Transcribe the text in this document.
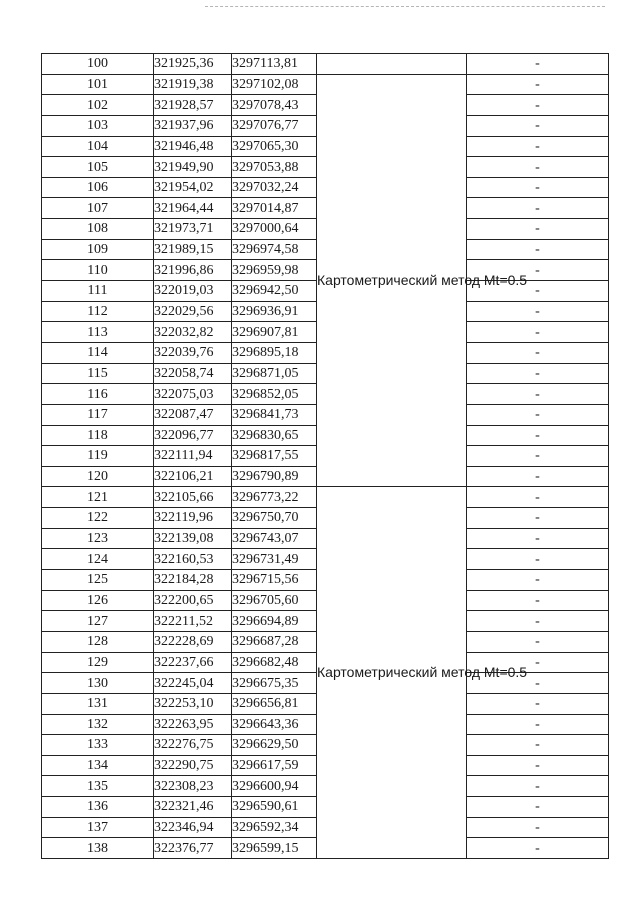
100	321925,36	3297113,81		-
101	321919,38	3297102,08	Картометрический метод Mt=0.5	-
102	321928,57	3297078,43		-
103	321937,96	3297076,77		-
104	321946,48	3297065,30		-
105	321949,90	3297053,88		-
106	321954,02	3297032,24		-
107	321964,44	3297014,87		-
108	321973,71	3297000,64		-
109	321989,15	3296974,58		-
110	321996,86	3296959,98		-
111	322019,03	3296942,50		-
112	322029,56	3296936,91		-
113	322032,82	3296907,81		-
114	322039,76	3296895,18		-
115	322058,74	3296871,05		-
116	322075,03	3296852,05		-
117	322087,47	3296841,73		-
118	322096,77	3296830,65		-
119	322111,94	3296817,55		-
120	322106,21	3296790,89		-
121	322105,66	3296773,22	Картометрический метод Mt=0.5	-
122	322119,96	3296750,70		-
123	322139,08	3296743,07		-
124	322160,53	3296731,49		-
125	322184,28	3296715,56		-
126	322200,65	3296705,60		-
127	322211,52	3296694,89		-
128	322228,69	3296687,28		-
129	322237,66	3296682,48		-
130	322245,04	3296675,35		-
131	322253,10	3296656,81		-
132	322263,95	3296643,36		-
133	322276,75	3296629,50		-
134	322290,75	3296617,59		-
135	322308,23	3296600,94		-
136	322321,46	3296590,61		-
137	322346,94	3296592,34		-
138	322376,77	3296599,15		-
